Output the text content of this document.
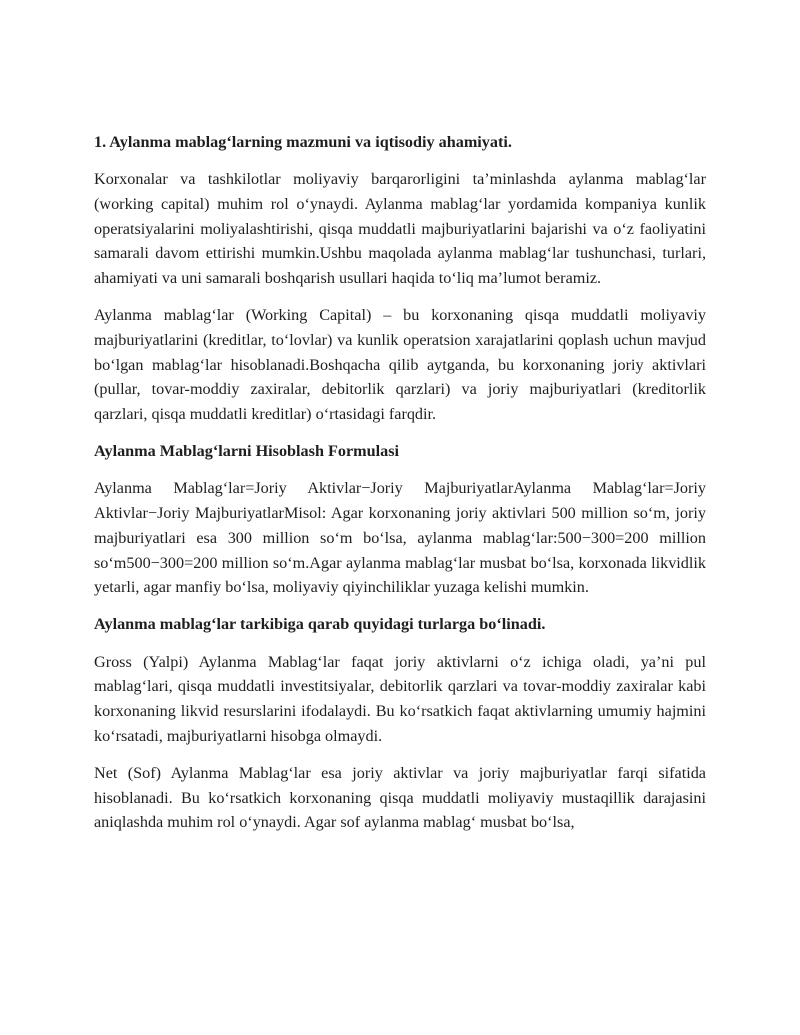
1. Aylanma mablag‘larning mazmuni va iqtisodiy ahamiyati.

Korxonalar va tashkilotlar moliyaviy barqarorligini ta’minlashda aylanma mablag‘lar (working capital) muhim rol o‘ynaydi. Aylanma mablag‘lar yordamida kompaniya kunlik operatsiyalarini moliyalashtirishi, qisqa muddatli majburiyatlarini bajarishi va o‘z faoliyatini samarali davom ettirishi mumkin.Ushbu maqolada aylanma mablag‘lar tushunchasi, turlari, ahamiyati va uni samarali boshqarish usullari haqida to‘liq ma’lumot beramiz.

Aylanma mablag‘lar (Working Capital) – bu korxonaning qisqa muddatli moliyaviy majburiyatlarini (kreditlar, to‘lovlar) va kunlik operatsion xarajatlarini qoplash uchun mavjud bo‘lgan mablag‘lar hisoblanadi.Boshqacha qilib aytganda, bu korxonaning joriy aktivlari (pullar, tovar-moddiy zaxiralar, debitorlik qarzlari) va joriy majburiyatlari (kreditorlik qarzlari, qisqa muddatli kreditlar) o‘rtasidagi farqdir.

Aylanma Mablag‘larni Hisoblash Formulasi

Aylanma Mablag‘lar=Joriy Aktivlar−Joriy MajburiyatlarAylanma Mablag‘lar=Joriy Aktivlar−Joriy MajburiyatlarMisol: Agar korxonaning joriy aktivlari 500 million so‘m, joriy majburiyatlari esa 300 million so‘m bo‘lsa, aylanma mablag‘lar:500−300=200 million so‘m500−300=200 million so‘m.Agar aylanma mablag‘lar musbat bo‘lsa, korxonada likvidlik yetarli, agar manfiy bo‘lsa, moliyaviy qiyinchiliklar yuzaga kelishi mumkin.

Aylanma mablag‘lar tarkibiga qarab quyidagi turlarga bo‘linadi.

Gross (Yalpi) Aylanma Mablag‘lar faqat joriy aktivlarni o‘z ichiga oladi, ya’ni pul mablag‘lari, qisqa muddatli investitsiyalar, debitorlik qarzlari va tovar-moddiy zaxiralar kabi korxonaning likvid resurslarini ifodalaydi. Bu ko‘rsatkich faqat aktivlarning umumiy hajmini ko‘rsatadi, majburiyatlarni hisobga olmaydi.

Net (Sof) Aylanma Mablag‘lar esa joriy aktivlar va joriy majburiyatlar farqi sifatida hisoblanadi. Bu ko‘rsatkich korxonaning qisqa muddatli moliyaviy mustaqillik darajasini aniqlashda muhim rol o‘ynaydi. Agar sof aylanma mablag‘ musbat bo‘lsa,
